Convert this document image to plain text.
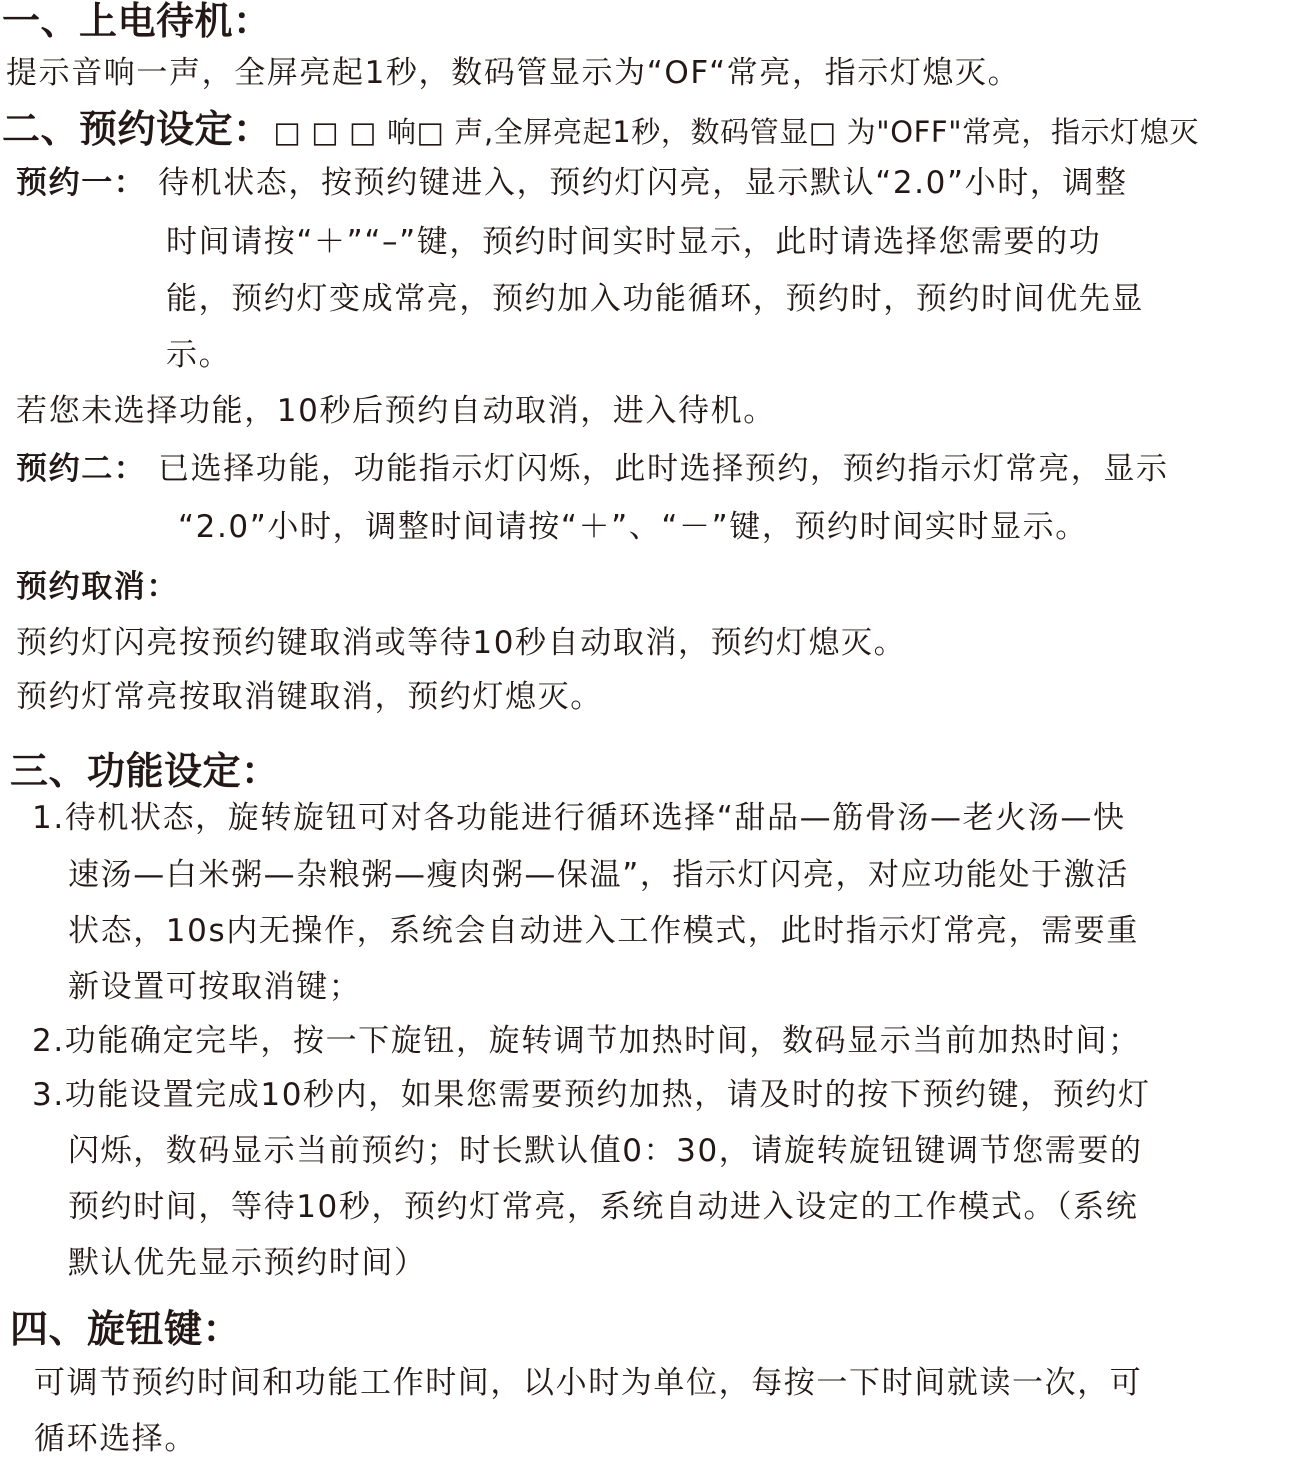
一、上电待机：
提示音响一声，全屏亮起1秒，数码管显示为“OF“常亮，指示灯熄灭。
二、预约设定：□ □ □ 响□ 声,全屏亮起1秒，数码管显□ 为"OFF"常亮，指示灯熄灭
预约一： 待机状态，按预约键进入，预约灯闪亮，显示默认“2.0”小时，调整
时间请按“＋”“–”键，预约时间实时显示，此时请选择您需要的功
能，预约灯变成常亮，预约加入功能循环，预约时，预约时间优先显
示。
若您未选择功能，10秒后预约自动取消，进入待机。
预约二： 已选择功能，功能指示灯闪烁，此时选择预约，预约指示灯常亮，显示
“2.0”小时，调整时间请按“＋”、“－”键，预约时间实时显示。
预约取消：
预约灯闪亮按预约键取消或等待10秒自动取消，预约灯熄灭。
预约灯常亮按取消键取消，预约灯熄灭。
三、功能设定：
1.待机状态，旋转旋钮可对各功能进行循环选择“甜品—筋骨汤—老火汤—快
速汤—白米粥—杂粮粥—瘦肉粥—保温”，指示灯闪亮，对应功能处于激活
状态，10s内无操作，系统会自动进入工作模式，此时指示灯常亮，需要重
新设置可按取消键；
2.功能确定完毕，按一下旋钮，旋转调节加热时间，数码显示当前加热时间；
3.功能设置完成10秒内，如果您需要预约加热，请及时的按下预约键，预约灯
闪烁，数码显示当前预约；时长默认值0：30，请旋转旋钮键调节您需要的
预约时间，等待10秒，预约灯常亮，系统自动进入设定的工作模式。（系统
默认优先显示预约时间）
四、旋钮键：
可调节预约时间和功能工作时间，以小时为单位，每按一下时间就读一次，可
循环选择。
